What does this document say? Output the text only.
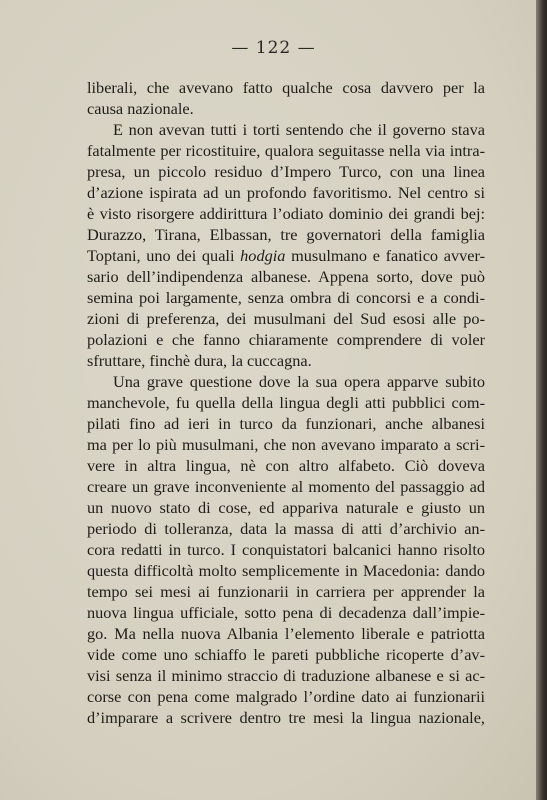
— 122 —
liberali, che avevano fatto qualche cosa davvero per la
causa nazionale.
E non avevan tutti i torti sentendo che il governo stava
fatalmente per ricostituire, qualora seguitasse nella via intra-
presa, un piccolo residuo d’Impero Turco, con una linea
d’azione ispirata ad un profondo favoritismo. Nel centro si
è visto risorgere addirittura l’odiato dominio dei grandi bej:
Durazzo, Tirana, Elbassan, tre governatori della famiglia
Toptani, uno dei quali hodgia musulmano e fanatico avver-
sario dell’indipendenza albanese. Appena sorto, dove può
semina poi largamente, senza ombra di concorsi e a condi-
zioni di preferenza, dei musulmani del Sud esosi alle po-
polazioni e che fanno chiaramente comprendere di voler
sfruttare, finchè dura, la cuccagna.
Una grave questione dove la sua opera apparve subito
manchevole, fu quella della lingua degli atti pubblici com-
pilati fino ad ieri in turco da funzionari, anche albanesi
ma per lo più musulmani, che non avevano imparato a scri-
vere in altra lingua, nè con altro alfabeto. Ciò doveva
creare un grave inconveniente al momento del passaggio ad
un nuovo stato di cose, ed appariva naturale e giusto un
periodo di tolleranza, data la massa di atti d’archivio an-
cora redatti in turco. I conquistatori balcanici hanno risolto
questa difficoltà molto semplicemente in Macedonia: dando
tempo sei mesi ai funzionarii in carriera per apprender la
nuova lingua ufficiale, sotto pena di decadenza dall’impie-
go. Ma nella nuova Albania l’elemento liberale e patriotta
vide come uno schiaffo le pareti pubbliche ricoperte d’av-
visi senza il minimo straccio di traduzione albanese e si ac-
corse con pena come malgrado l’ordine dato ai funzionarii
d’imparare a scrivere dentro tre mesi la lingua nazionale,
